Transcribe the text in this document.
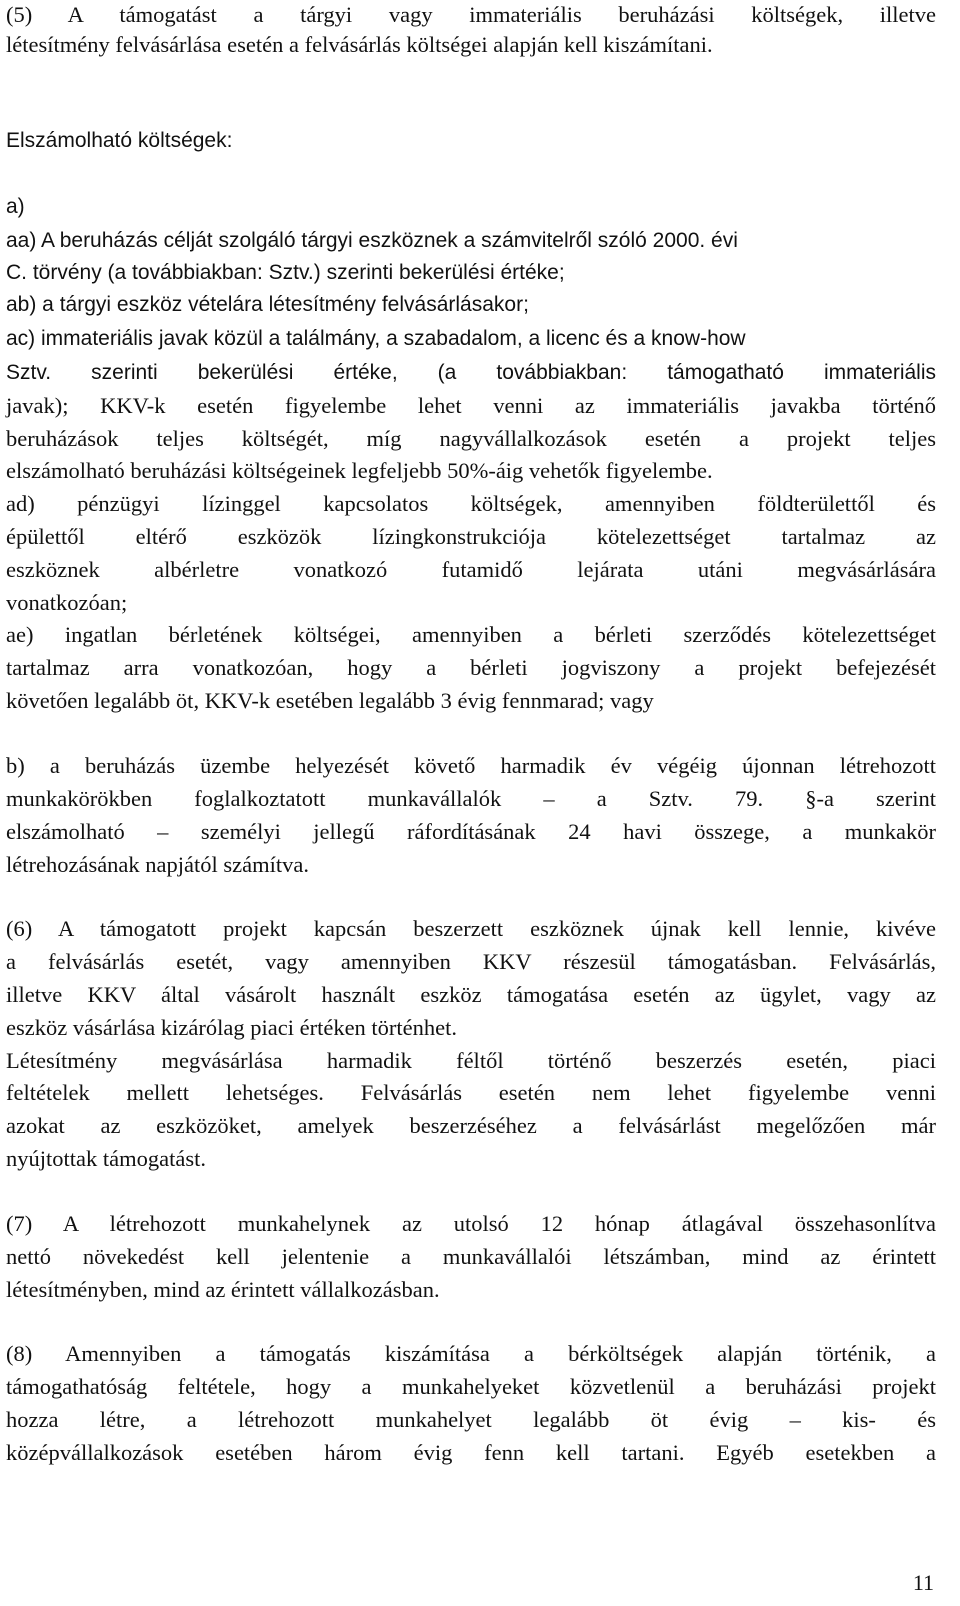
(5) A támogatást a tárgyi vagy immateriális beruházási költségek, illetve
létesítmény felvásárlása esetén a felvásárlás költségei alapján kell kiszámítani.
Elszámolható költségek:
a)
aa) A beruházás célját szolgáló tárgyi eszköznek a számvitelről szóló 2000. évi
C. törvény (a továbbiakban: Sztv.) szerinti bekerülési értéke;
ab) a tárgyi eszköz vételára létesítmény felvásárlásakor;
ac) immateriális javak közül a találmány, a szabadalom, a licenc és a know-how
Sztv. szerinti bekerülési értéke, (a továbbiakban: támogatható immateriális
javak); KKV-k esetén figyelembe lehet venni az immateriális javakba történő
beruházások teljes költségét, míg nagyvállalkozások esetén a projekt teljes
elszámolható beruházási költségeinek legfeljebb 50%-áig vehetők figyelembe.
ad) pénzügyi lízinggel kapcsolatos költségek, amennyiben földterülettől és
épülettől eltérő eszközök lízingkonstrukciója kötelezettséget tartalmaz az
eszköznek albérletre vonatkozó futamidő lejárata utáni megvásárlására
vonatkozóan;
ae) ingatlan bérletének költségei, amennyiben a bérleti szerződés kötelezettséget
tartalmaz arra vonatkozóan, hogy a bérleti jogviszony a projekt befejezését
követően legalább öt, KKV-k esetében legalább 3 évig fennmarad; vagy
b) a beruházás üzembe helyezését követő harmadik év végéig újonnan létrehozott
munkakörökben foglalkoztatott munkavállalók – a Sztv. 79. §-a szerint
elszámolható – személyi jellegű ráfordításának 24 havi összege, a munkakör
létrehozásának napjától számítva.
(6) A támogatott projekt kapcsán beszerzett eszköznek újnak kell lennie, kivéve
a felvásárlás esetét, vagy amennyiben KKV részesül támogatásban. Felvásárlás,
illetve KKV által vásárolt használt eszköz támogatása esetén az ügylet, vagy az
eszköz vásárlása kizárólag piaci értéken történhet.
Létesítmény megvásárlása harmadik féltől történő beszerzés esetén, piaci
feltételek mellett lehetséges. Felvásárlás esetén nem lehet figyelembe venni
azokat az eszközöket, amelyek beszerzéséhez a felvásárlást megelőzően már
nyújtottak támogatást.
(7) A létrehozott munkahelynek az utolsó 12 hónap átlagával összehasonlítva
nettó növekedést kell jelentenie a munkavállalói létszámban, mind az érintett
létesítményben, mind az érintett vállalkozásban.
(8) Amennyiben a támogatás kiszámítása a bérköltségek alapján történik, a
támogathatóság feltétele, hogy a munkahelyeket közvetlenül a beruházási projekt
hozza létre, a létrehozott munkahelyet legalább öt évig – kis- és
középvállalkozások esetében három évig fenn kell tartani. Egyéb esetekben a
11
